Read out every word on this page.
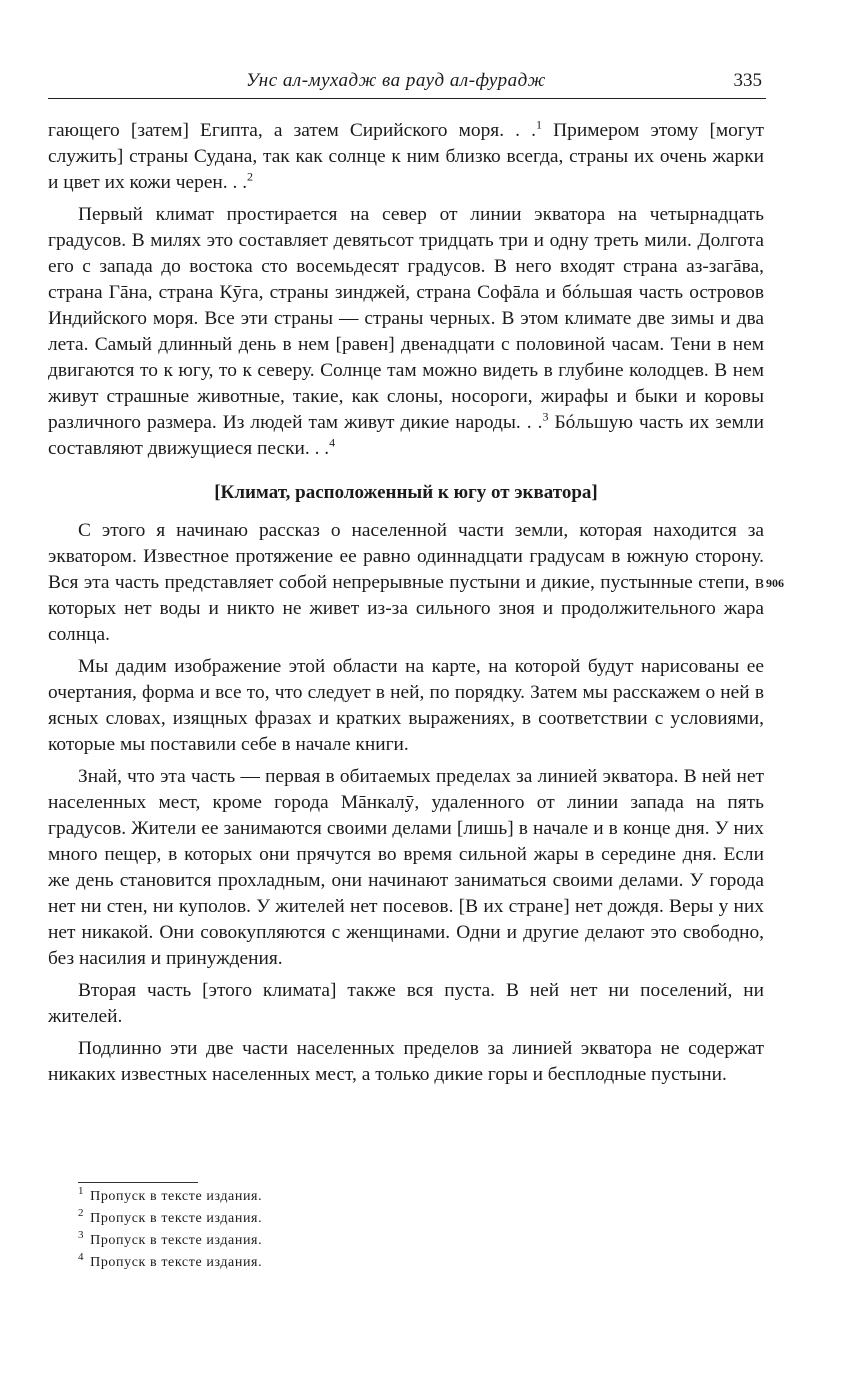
Унс ал-мухадж ва рауд ал-фурадж	335

гающего [затем] Египта, а затем Сирийского моря. . .$^1$ Примером этому [могут служить] страны Судана, так как солнце к ним близко всегда, страны их очень жарки и цвет их кожи черен. . .$^2$

Первый климат простирается на север от линии экватора на четырнадцать градусов. В милях это составляет девятьсот тридцать три и одну треть мили. Долгота его с запада до востока сто восемьдесят градусов. В него входят страна аз-загāва, страна Гāна, страна Кӯга, страны зинджей, страна Софāла и бóльшая часть островов Индийского моря. Все эти страны — страны черных. В этом климате две зимы и два лета. Самый длинный день в нем [равен] двенадцати с половиной часам. Тени в нем двигаются то к югу, то к северу. Солнце там можно видеть в глубине колодцев. В нем живут страшные животные, такие, как слоны, носороги, жирафы и быки и коровы различного размера. Из людей там живут дикие народы. . .$^3$ Бóльшую часть их земли составляют движущиеся пески. . .$^4$

[Климат, расположенный к югу от экватора]

С этого я начинаю рассказ о населенной части земли, которая находится за экватором. Известное протяжение ее равно одиннадцати градусам в южную сторону. Вся эта часть представляет собой непрерывные пустыни и дикие, пустынные степи, в которых нет воды и никто не живет из-за сильного зноя и продолжительного жара солнца.

Мы дадим изображение этой области на карте, на которой будут нарисованы ее очертания, форма и все то, что следует в ней, по порядку. Затем мы расскажем о ней в ясных словах, изящных фразах и кратких выражениях, в соответствии с условиями, которые мы поставили себе в начале книги.

Знай, что эта часть — первая в обитаемых пределах за линией экватора. В ней нет населенных мест, кроме города Мāнкалӯ, удаленного от линии запада на пять градусов. Жители ее занимаются своими делами [лишь] в начале и в конце дня. У них много пещер, в которых они прячутся во время сильной жары в середине дня. Если же день становится прохладным, они начинают заниматься своими делами. У города нет ни стен, ни куполов. У жителей нет посевов. [В их стране] нет дождя. Веры у них нет никакой. Они совокупляются с женщинами. Одни и другие делают это свободно, без насилия и принуждения.

Вторая часть [этого климата] также вся пуста. В ней нет ни поселений, ни жителей.

Подлинно эти две части населенных пределов за линией экватора не содержат никаких известных населенных мест, а только дикие горы и бесплодные пустыни.

906
$^1$ Пропуск в тексте издания.
$^2$ Пропуск в тексте издания.
$^3$ Пропуск в тексте издания.
$^4$ Пропуск в тексте издания.
